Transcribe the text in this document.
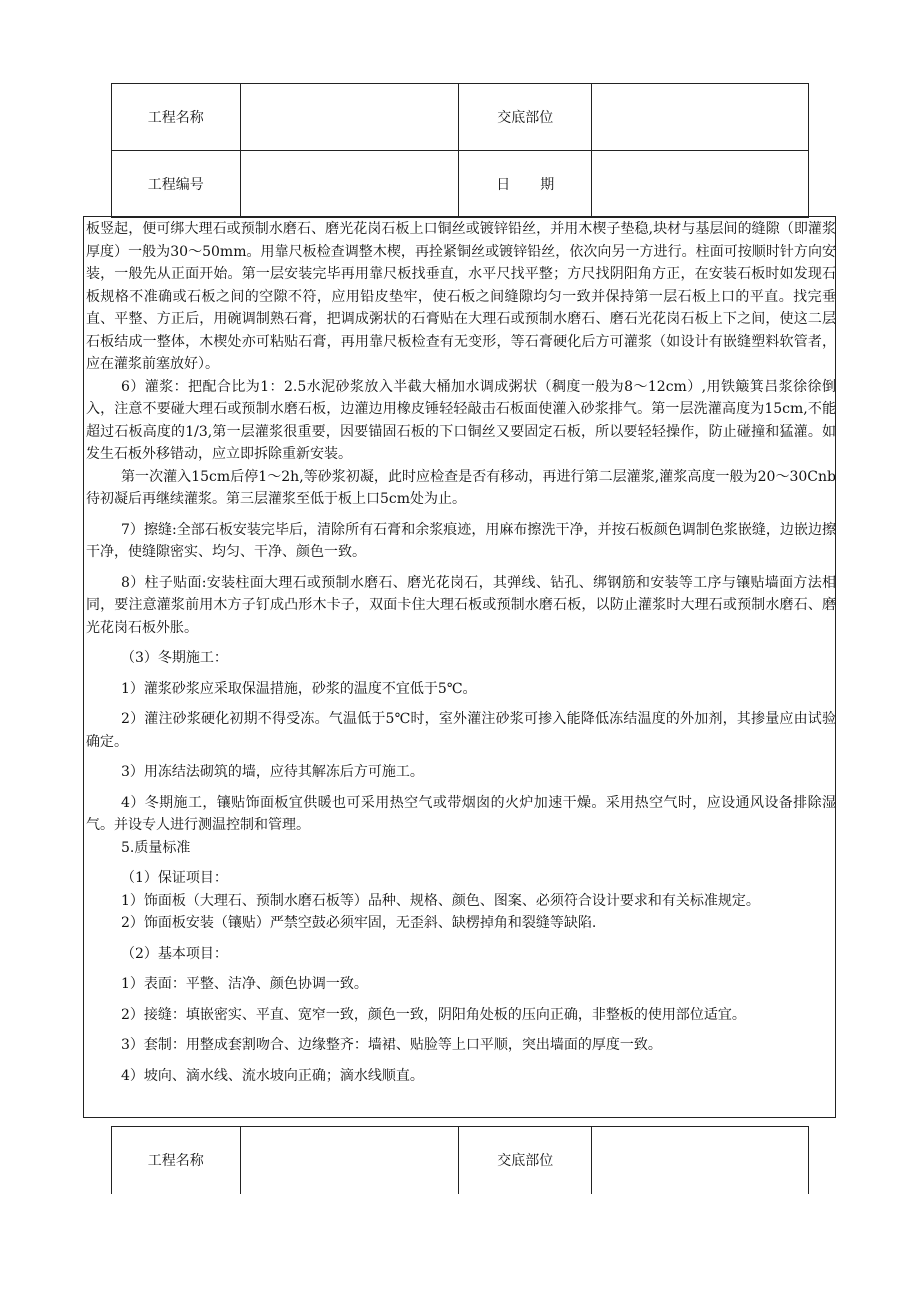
工程名称		交底部位	
工程编号		日期	

板竖起，便可绑大理石或预制水磨石、磨光花岗石板上口铜丝或镀锌铅丝，并用木楔子垫稳,块材与基层间的缝隙（即灌浆厚度）一般为30～50mm。用靠尺板检查调整木楔，再拴紧铜丝或镀锌铅丝，依次向另一方进行。柱面可按顺时针方向安装，一般先从正面开始。第一层安装完毕再用靠尺板找垂直，水平尺找平整；方尺找阴阳角方正，在安装石板时如发现石板规格不准确或石板之间的空隙不符，应用铅皮垫牢，使石板之间缝隙均匀一致并保持第一层石板上口的平直。找完垂直、平整、方正后，用碗调制熟石膏，把调成粥状的石膏贴在大理石或预制水磨石、磨石光花岗石板上下之间，使这二层石板结成一整体，木楔处亦可粘贴石膏，再用靠尺板检查有无变形，等石膏硬化后方可灌浆（如设计有嵌缝塑料软管者，应在灌浆前塞放好）。

6）灌浆：把配合比为1：2.5水泥砂浆放入半截大桶加水调成粥状（稠度一般为8～12cm）,用铁簸箕吕浆徐徐倒入，注意不要碰大理石或预制水磨石板，边灌边用橡皮锤轻轻敲击石板面使灌入砂浆排气。第一层洗灌高度为15cm,不能超过石板高度的1/3,第一层灌浆很重要，因要锚固石板的下口铜丝又要固定石板，所以要轻轻操作，防止碰撞和猛灌。如发生石板外移错动，应立即拆除重新安装。

第一次灌入15cm后停1～2h,等砂浆初凝，此时应检查是否有移动，再进行第二层灌浆,灌浆高度一般为20～30Cnb待初凝后再继续灌浆。第三层灌浆至低于板上口5cm处为止。

7）擦缝:全部石板安装完毕后，清除所有石膏和余浆痕迹，用麻布擦洗干净，并按石板颜色调制色浆嵌缝，边嵌边擦干净，使缝隙密实、均匀、干净、颜色一致。

8）柱子贴面:安装柱面大理石或预制水磨石、磨光花岗石，其弹线、钻孔、绑钢筋和安装等工序与镶贴墙面方法相同，要注意灌浆前用木方子钉成凸形木卡子，双面卡住大理石板或预制水磨石板，以防止灌浆时大理石或预制水磨石、磨光花岗石板外胀。

（3）冬期施工：

1）灌浆砂浆应采取保温措施，砂浆的温度不宜低于5℃。

2）灌注砂浆硬化初期不得受冻。气温低于5℃时，室外灌注砂浆可掺入能降低冻结温度的外加剂，其掺量应由试验确定。

3）用冻结法砌筑的墙，应待其解冻后方可施工。

4）冬期施工，镶贴饰面板宜供暖也可采用热空气或带烟囱的火炉加速干燥。采用热空气时，应设通风设备排除湿气。并设专人进行测温控制和管理。

5.质量标准

（1）保证项目：

1）饰面板（大理石、预制水磨石板等）品种、规格、颜色、图案、必须符合设计要求和有关标准规定。

2）饰面板安装（镶贴）严禁空鼓必须牢固，无歪斜、缺楞掉角和裂缝等缺陷.

（2）基本项目：

1）表面：平整、洁净、颜色协调一致。

2）接缝：填嵌密实、平直、宽窄一致，颜色一致，阴阳角处板的压向正确，非整板的使用部位适宜。

3）套制：用整成套割吻合、边缘整齐：墙裙、贴脸等上口平顺，突出墙面的厚度一致。

4）坡向、滴水线、流水坡向正确；滴水线顺直。

工程名称		交底部位	
